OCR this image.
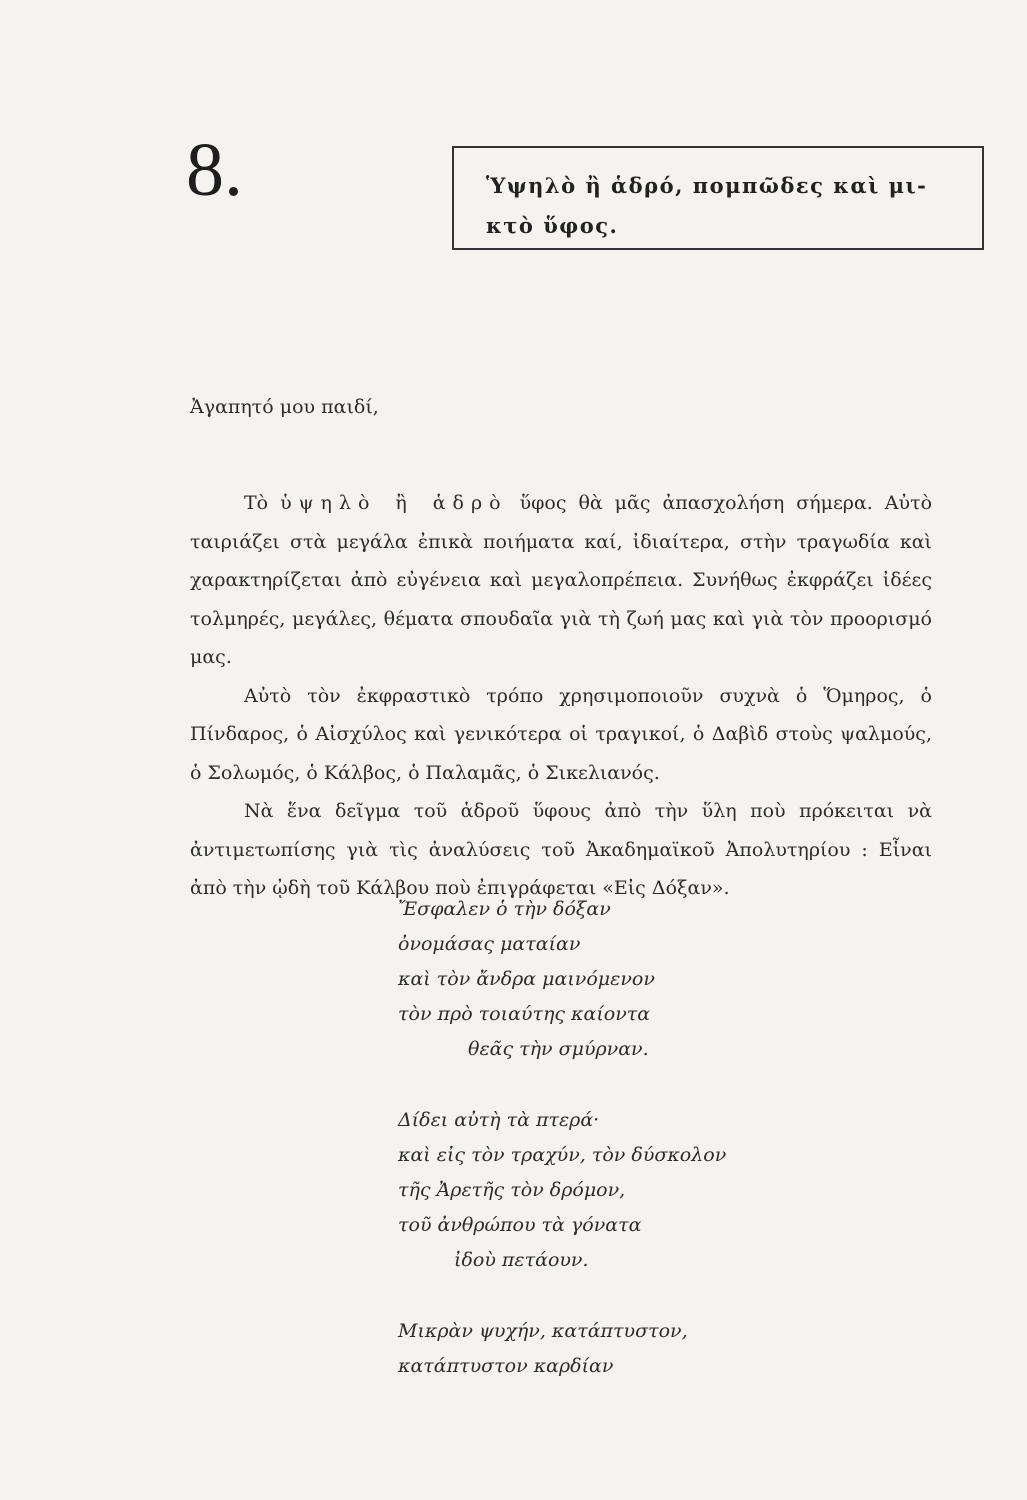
8.	Ὑψηλὸ ἢ ἁδρό, πομπῶδες καὶ μι-
κτὸ ὕφος.
Ἀγαπητό μου παιδί,

Τὸ ὑψηλὸ ἢ ἁδρὸ ὕφος θὰ μᾶς ἀπασχολήση σήμερα. Αὐτὸ ταιριάζει στὰ μεγάλα ἐπικὰ ποιήματα καί, ἰδιαίτερα, στὴν τραγωδία καὶ χαρακτηρίζεται ἀπὸ εὐγένεια καὶ μεγαλοπρέπεια. Συνήθως ἐκφράζει ἰδέες τολμηρές, μεγάλες, θέματα σπουδαῖα γιὰ τὴ ζωή μας καὶ γιὰ τὸν προορισμό μας.

Αὐτὸ τὸν ἐκφραστικὸ τρόπο χρησιμοποιοῦν συχνὰ ὁ Ὅμηρος, ὁ Πίνδαρος, ὁ Αἰσχύλος καὶ γενικότερα οἱ τραγικοί, ὁ Δαβὶδ στοὺς ψαλμούς, ὁ Σολωμός, ὁ Κάλβος, ὁ Παλαμᾶς, ὁ Σικελιανός.

Νὰ ἕνα δεῖγμα τοῦ ἁδροῦ ὕφους ἀπὸ τὴν ὕλη ποὺ πρόκειται νὰ ἀντιμετωπίσης γιὰ τὶς ἀναλύσεις τοῦ Ἀκαδημαϊκοῦ Ἀπολυτηρίου : Εἶναι ἀπὸ τὴν ᾠδὴ τοῦ Κάλβου ποὺ ἐπιγράφεται «Εἰς Δόξαν».

Ἔσφαλεν ὁ τὴν δόξαν
ὀνομάσας ματαίαν
καὶ τὸν ἄνδρα μαινόμενον
τὸν πρὸ τοιαύτης καίοντα
θεᾶς τὴν σμύρναν.
Δίδει αὐτὴ τὰ πτερά·
καὶ εἰς τὸν τραχύν, τὸν δύσκολον
τῆς Ἀρετῆς τὸν δρόμον,
τοῦ ἀνθρώπου τὰ γόνατα
ἰδοὺ πετάουν.
Μικρὰν ψυχήν, κατάπτυστον,
κατάπτυστον καρδίαν
